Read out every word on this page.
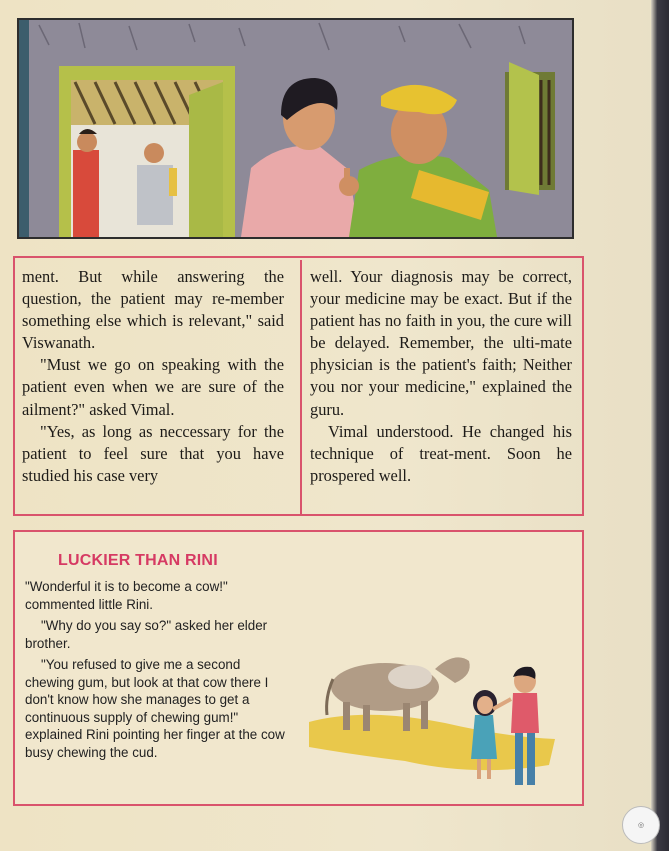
ment. But while answering the question, the patient may re-member something else which is relevant," said Viswanath.

"Must we go on speaking with the patient even when we are sure of the ailment?" asked Vimal.

"Yes, as long as neccessary for the patient to feel sure that you have studied his case very

well. Your diagnosis may be correct, your medicine may be exact. But if the patient has no faith in you, the cure will be delayed. Remember, the ulti-mate physician is the patient's faith; Neither you nor your medicine," explained the guru.

Vimal understood. He changed his technique of treat-ment. Soon he prospered well.

LUCKIER THAN RINI

"Wonderful it is to become a cow!" commented little Rini.

"Why do you say so?" asked her elder brother.

"You refused to give me a second chewing gum, but look at that cow there I don't know how she manages to get a continuous supply of chewing gum!" explained Rini pointing her finger at the cow busy chewing the cud.

◎
